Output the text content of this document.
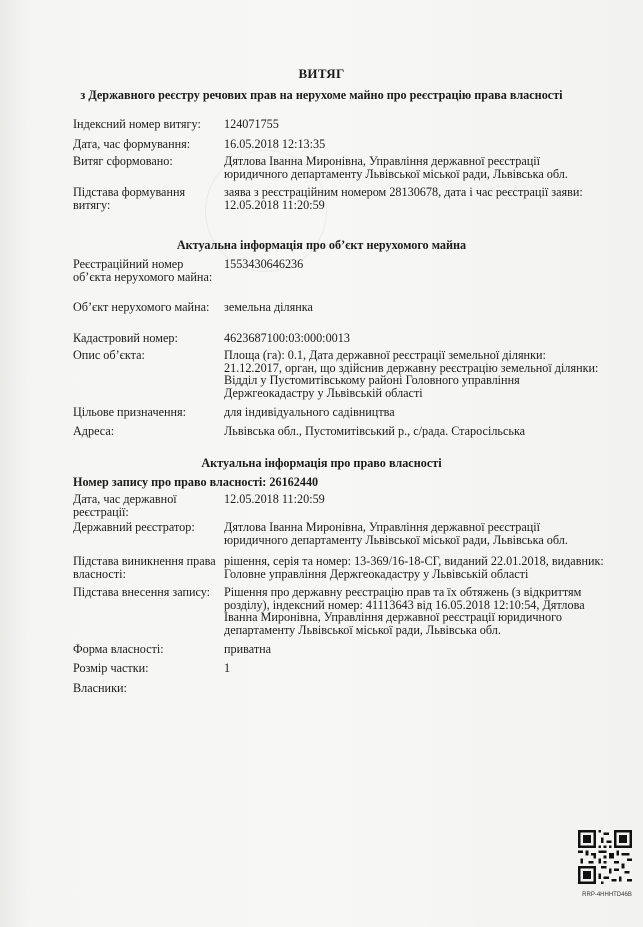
ВИТЯГ
з Державного реєстру речових прав на нерухоме майно про реєстрацію права власності
Індексний номер витягу:	124071755
Дата, час формування:	16.05.2018 12:13:35
Витяг сформовано:	Дятлова Іванна Миронівна, Управління державної реєстрації юридичного департаменту Львівської міської ради, Львівська обл.
Підстава формування витягу:
заява з реєстраційним номером 28130678, дата і час реєстрації заяви: 12.05.2018 11:20:59
Актуальна інформація про об’єкт нерухомого майна
Реєстраційний номер об’єкта нерухомого майна:
1553430646236
Об’єкт нерухомого майна:	земельна ділянка
Кадастровий номер:	4623687100:03:000:0013
Опис об’єкта:	Площа (га): 0.1, Дата державної реєстрації земельної ділянки: 21.12.2017, орган, що здійснив державну реєстрацію земельної ділянки: Відділ у Пустомитівському районі Головного управління Держгеокадастру у Львівській області
Цільове призначення:	для індивідуального садівництва
Адреса:	Львівська обл., Пустомитівський р., с/рада. Старосільська
Актуальна інформація про право власності
Номер запису про право власності: 26162440
Дата, час державної реєстрації:
12.05.2018 11:20:59
Державний реєстратор:	Дятлова Іванна Миронівна, Управління державної реєстрації юридичного департаменту Львівської міської ради, Львівська обл.
Підстава виникнення права власності:
рішення, серія та номер: 13-369/16-18-СГ, виданий 22.01.2018, видавник: Головне управління Держгеокадастру у Львівській області
Підстава внесення запису:	Рішення про державну реєстрацію прав та їх обтяжень (з відкриттям розділу), індексний номер: 41113643 від 16.05.2018 12:10:54, Дятлова Іванна Миронівна, Управління державної реєстрації юридичного департаменту Львівської міської ради, Львівська обл.
Форма власності:	приватна
Розмір частки:	1
Власники:
RRP-4HHHTD46B
